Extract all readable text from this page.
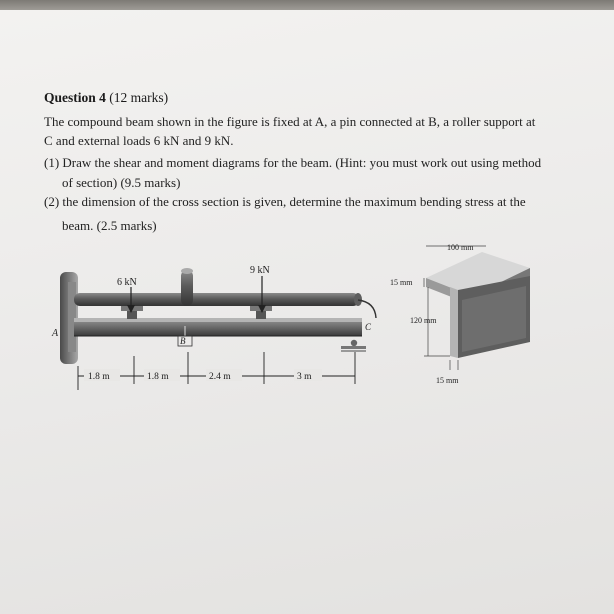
Question 4 (12 marks)
The compound beam shown in the figure is fixed at A, a pin connected at B, a roller support at
C and external loads 6 kN and 9 kN.
(1) Draw the shear and moment diagrams for the beam. (Hint: you must work out using method
of section) (9.5 marks)
(2) the dimension of the cross section is given, determine the maximum bending stress at the
beam. (2.5 marks)
A
6 kN
9 kN
B
C
1.8 m	1.8 m	2.4 m	3 m
100 mm
15 mm
120 mm
15 mm
